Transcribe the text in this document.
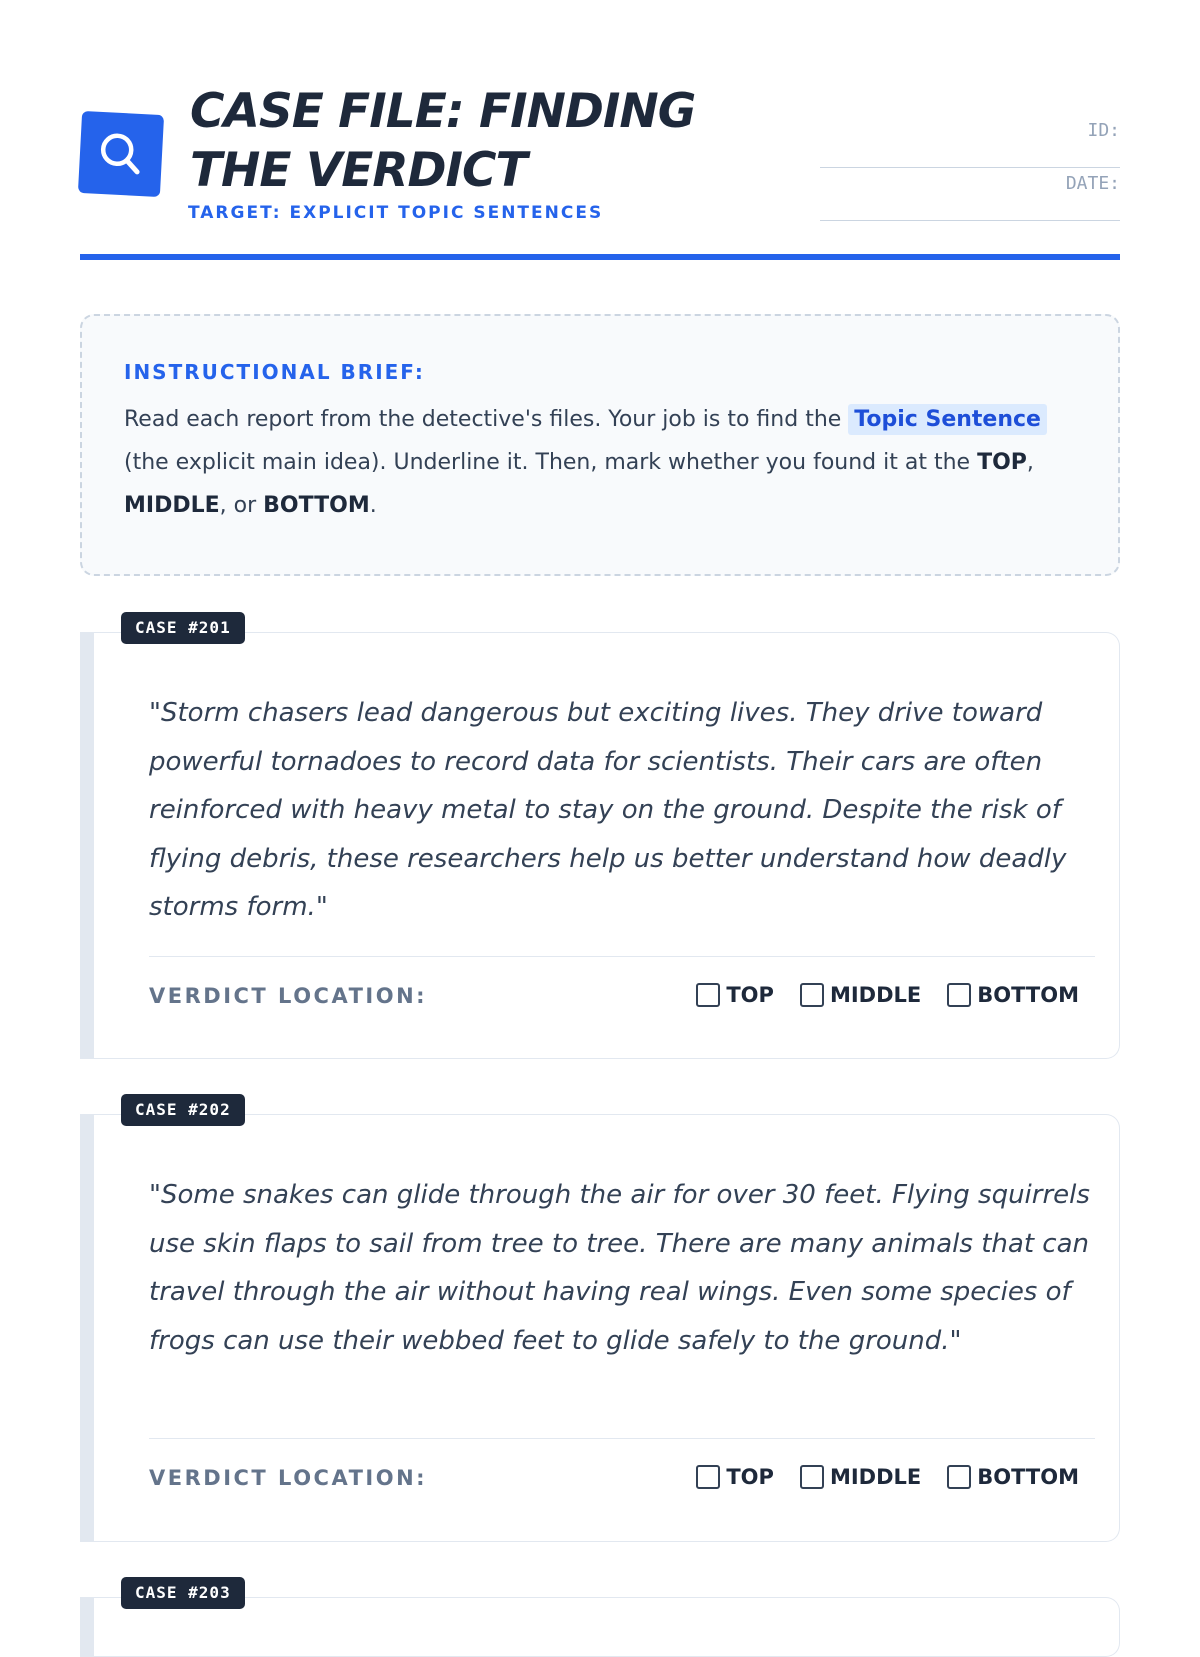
CASE FILE: FINDING THE VERDICT
TARGET: EXPLICIT TOPIC SENTENCES
ID:
DATE:
INSTRUCTIONAL BRIEF:

Read each report from the detective's files. Your job is to find the Topic Sentence (the explicit main idea). Underline it. Then, mark whether you found it at the TOP, MIDDLE, or BOTTOM.

"Storm chasers lead dangerous but exciting lives. They drive toward powerful tornadoes to record data for scientists. Their cars are often reinforced with heavy metal to stay on the ground. Despite the risk of flying debris, these researchers help us better understand how deadly storms form."

VERDICT LOCATION:	TOP	MIDDLE	BOTTOM
CASE #201

"Some snakes can glide through the air for over 30 feet. Flying squirrels use skin flaps to sail from tree to tree. There are many animals that can travel through the air without having real wings. Even some species of frogs can use their webbed feet to glide safely to the ground."

VERDICT LOCATION:	TOP	MIDDLE	BOTTOM
CASE #202
CASE #203
